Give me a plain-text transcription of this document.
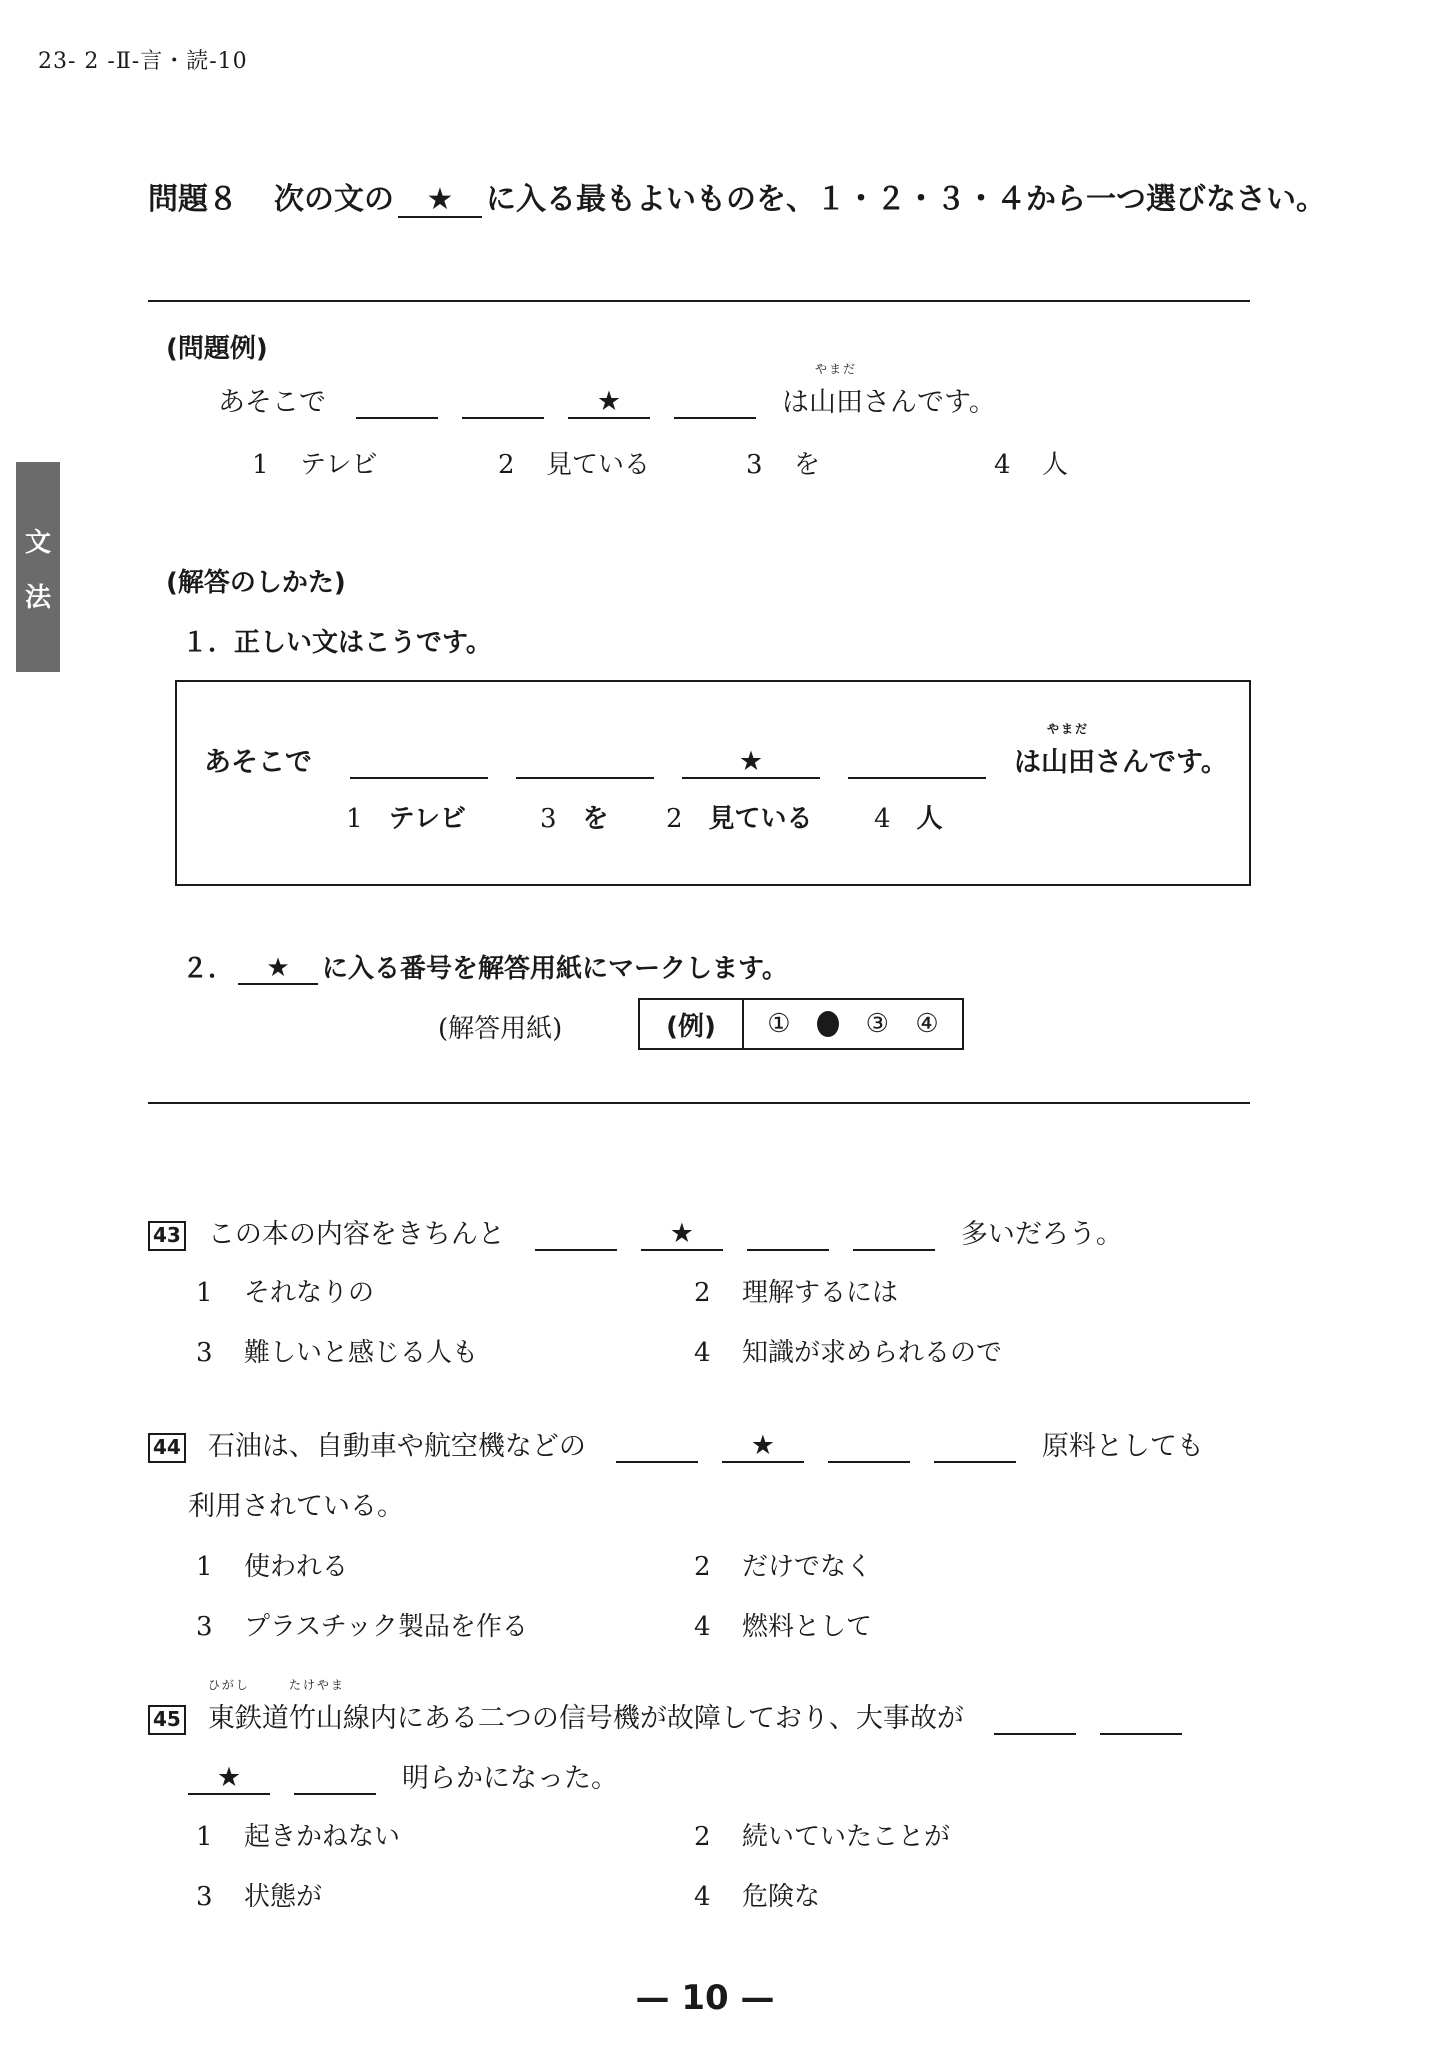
23- 2 -Ⅱ-言・読-10
文
法
問題８ 次の文の	★	に入る最もよいものを、１・２・３・４から一つ選びなさい。
(問題例)
あそこで	★	は
やまだ
山田 さんです。
1 テレビ	2 見ている	3 を	4 人
(解答のしかた)
１．正しい文はこうです。
あそこで	★	は
やまだ
山田 さんです。
1 テレビ	3 を 2 見ている 4 人
２．	★	に入る番号を解答用紙にマークします。
(解答用紙)	(例)	①	③ ④
43 この本の内容をきちんと	★	多いだろう。
1 それなりの	2 理解するには
3 難しいと感じる人も	4 知識が求められるので
44 石油は、自動車や航空機などの	★	原料としても
利用されている。
1 使われる	2 だけでなく
3 プラスチック製品を作る	4 燃料として
45
ひがし
東 鉄道
たけやま
竹山 線内にある二つの信号機が故障しており、大事故が
★	明らかになった。
1 起きかねない	2 続いていたことが
3 状態が	4 危険な
— 10 —
